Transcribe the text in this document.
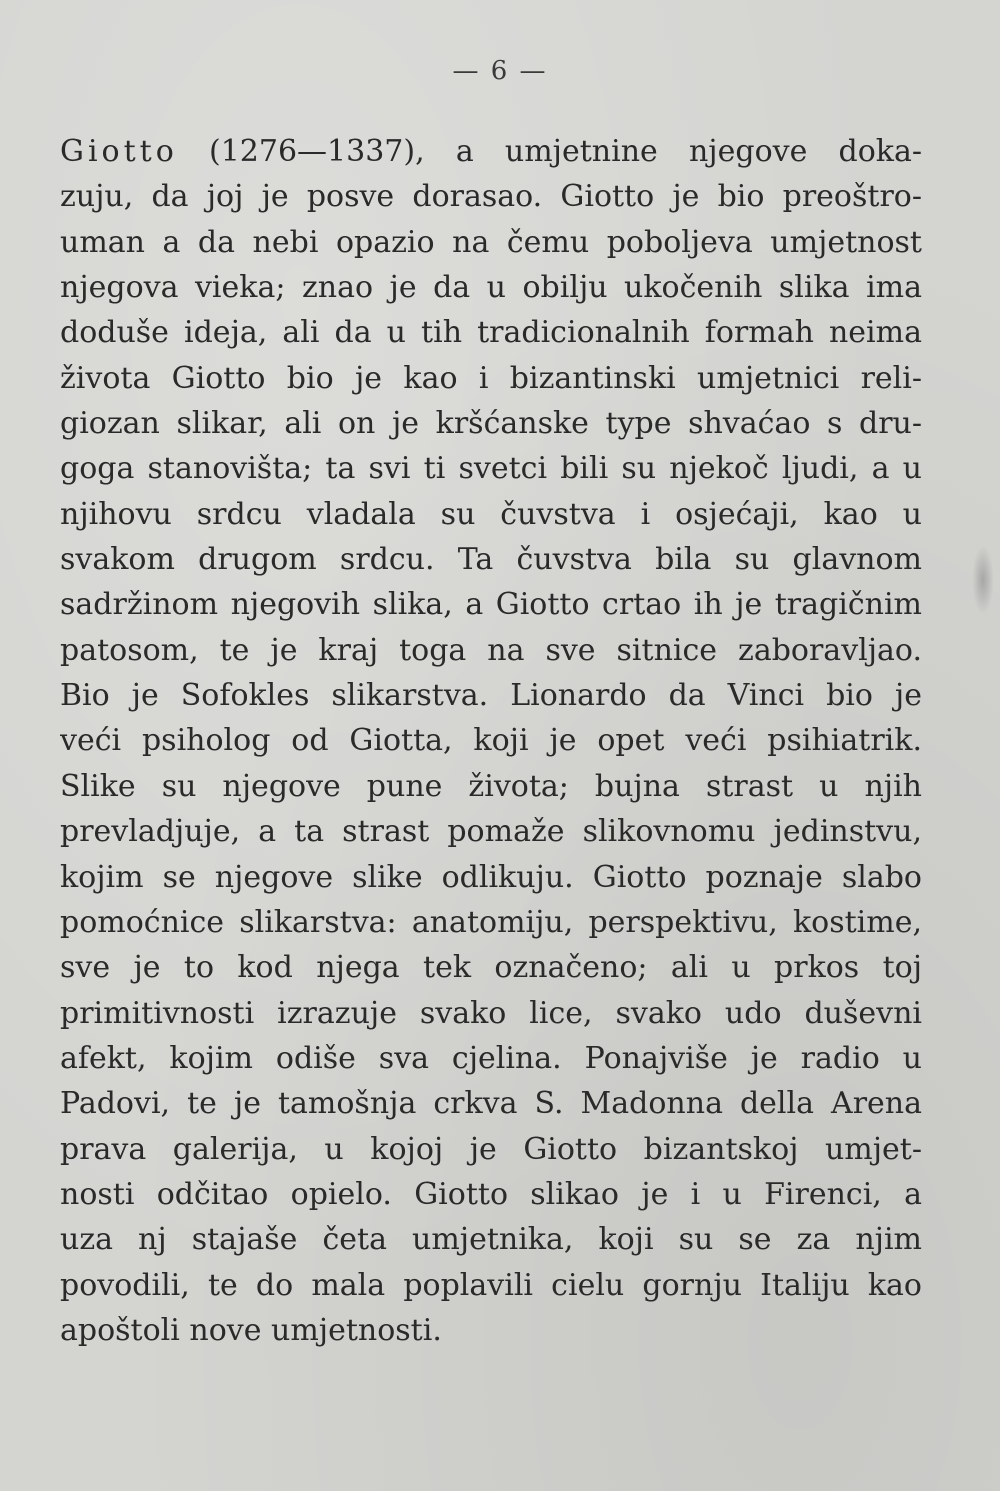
— 6 —
Giotto (1276—1337), a umjetnine njegove doka-
zuju, da joj je posve dorasao. Giotto je bio preoštro-
uman a da nebi opazio na čemu poboljeva umjetnost
njegova vieka; znao je da u obilju ukočenih slika ima
doduše ideja, ali da u tih tradicionalnih formah neima
života Giotto bio je kao i bizantinski umjetnici reli-
giozan slikar, ali on je kršćanske type shvaćao s dru-
goga stanovišta; ta svi ti svetci bili su njekoč ljudi, a u
njihovu srdcu vladala su čuvstva i osjećaji, kao u
svakom drugom srdcu. Ta čuvstva bila su glavnom
sadržinom njegovih slika, a Giotto crtao ih je tragičnim
patosom, te je kraj toga na sve sitnice zaboravljao.
Bio je Sofokles slikarstva. Lionardo da Vinci bio je
veći psiholog od Giotta, koji je opet veći psihiatrik.
Slike su njegove pune života; bujna strast u njih
prevladjuje, a ta strast pomaže slikovnomu jedinstvu,
kojim se njegove slike odlikuju. Giotto poznaje slabo
pomoćnice slikarstva: anatomiju, perspektivu, kostime,
sve je to kod njega tek označeno; ali u prkos toj
primitivnosti izrazuje svako lice, svako udo duševni
afekt, kojim odiše sva cjelina. Ponajviše je radio u
Padovi, te je tamošnja crkva S. Madonna della Arena
prava galerija, u kojoj je Giotto bizantskoj umjet-
nosti odčitao opielo. Giotto slikao je i u Firenci, a
uza nj stajaše četa umjetnika, koji su se za njim
povodili, te do mala poplavili cielu gornju Italiju kao
apoštoli nove umjetnosti.
